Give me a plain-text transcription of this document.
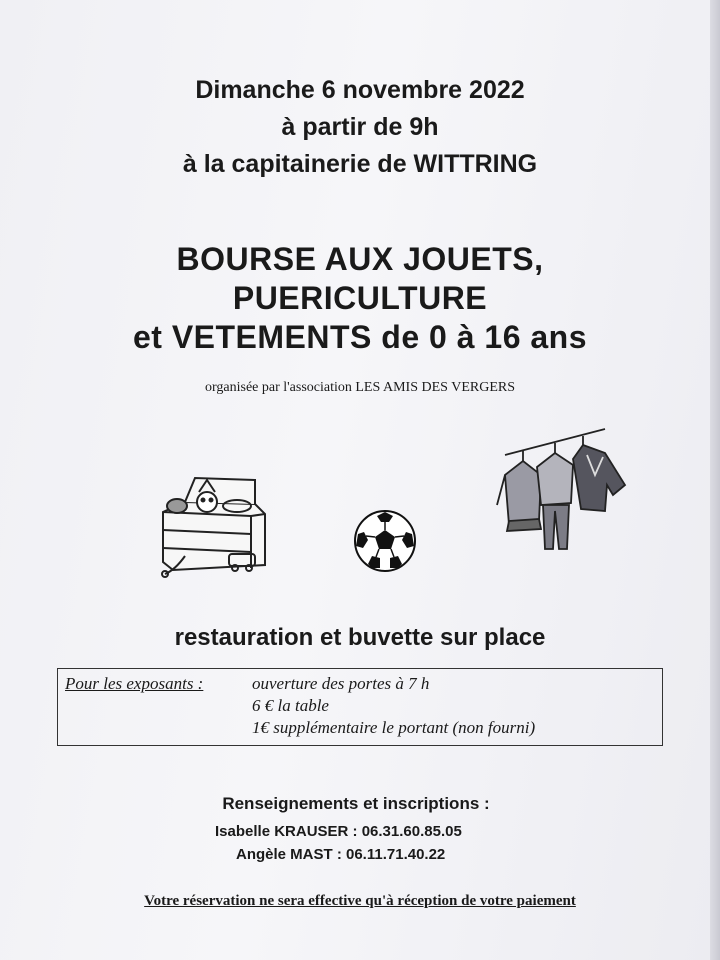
Dimanche 6 novembre 2022
à partir de 9h
à la capitainerie de WITTRING
BOURSE AUX JOUETS,
PUERICULTURE
et VETEMENTS de 0 à 16 ans
organisée par l'association LES AMIS DES VERGERS
restauration et buvette sur place
Pour les exposants :	ouverture des portes à 7 h
6 € la table
1€ supplémentaire le portant (non fourni)
Renseignements et inscriptions :
Isabelle KRAUSER : 06.31.60.85.05
Angèle MAST : 06.11.71.40.22
Votre réservation ne sera effective qu'à réception de votre paiement
